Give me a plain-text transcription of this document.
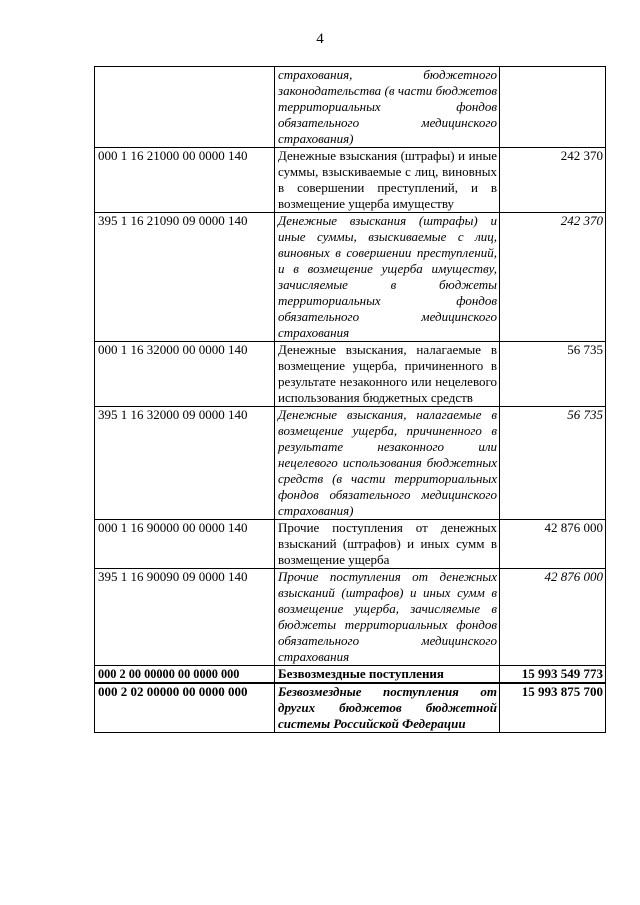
4
	страхования, бюджетного законодательства (в части бюджетов территориальных фондов обязательного медицинского страхования)	
000 1 16 21000 00 0000 140	Денежные взыскания (штрафы) и иные суммы, взыскиваемые с лиц, виновных в совершении преступлений, и в возмещение ущерба имуществу	242 370
395 1 16 21090 09 0000 140	Денежные взыскания (штрафы) и иные суммы, взыскиваемые с лиц, виновных в совершении преступлений, и в возмещение ущерба имуществу, зачисляемые в бюджеты территориальных фондов обязательного медицинского страхования	242 370
000 1 16 32000 00 0000 140	Денежные взыскания, налагаемые в возмещение ущерба, причиненного в результате незаконного или нецелевого использования бюджетных средств	56 735
395 1 16 32000 09 0000 140	Денежные взыскания, налагаемые в возмещение ущерба, причиненного в результате незаконного или нецелевого использования бюджетных средств (в части территориальных фондов обязательного медицинского страхования)	56 735
000 1 16 90000 00 0000 140	Прочие поступления от денежных взысканий (штрафов) и иных сумм в возмещение ущерба	42 876 000
395 1 16 90090 09 0000 140	Прочие поступления от денежных взысканий (штрафов) и иных сумм в возмещение ущерба, зачисляемые в бюджеты территориальных фондов обязательного медицинского страхования	42 876 000
000 2 00 00000 00 0000 000	Безвозмездные поступления	15 993 549 773
000 2 02 00000 00 0000 000	Безвозмездные поступления от других бюджетов бюджетной системы Российской Федерации	15 993 875 700
